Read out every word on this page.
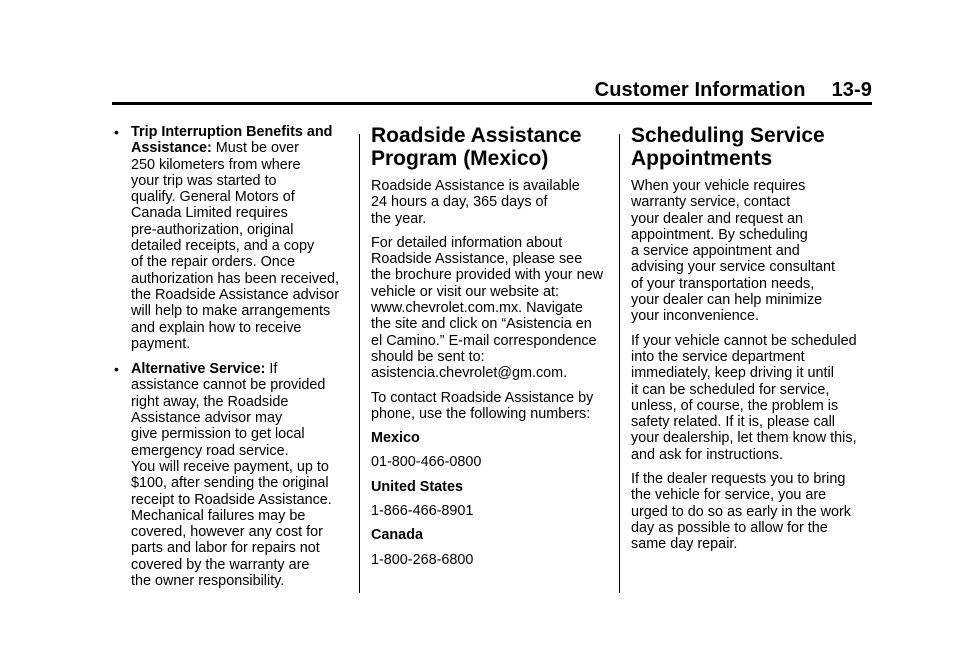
Customer Information 13-9
• Trip Interruption Benefits and Assistance: Must be over
250 kilometers from where
your trip was started to
qualify. General Motors of
Canada Limited requires
pre-authorization, original
detailed receipts, and a copy
of the repair orders. Once
authorization has been received,
the Roadside Assistance advisor
will help to make arrangements
and explain how to receive
payment.
• Alternative Service: If
assistance cannot be provided
right away, the Roadside
Assistance advisor may
give permission to get local
emergency road service.
You will receive payment, up to
$100, after sending the original
receipt to Roadside Assistance.
Mechanical failures may be
covered, however any cost for
parts and labor for repairs not
covered by the warranty are
the owner responsibility.
Roadside Assistance
Program (Mexico)
Roadside Assistance is available
24 hours a day, 365 days of
the year.
For detailed information about
Roadside Assistance, please see
the brochure provided with your new
vehicle or visit our website at:
www.chevrolet.com.mx. Navigate
the site and click on “Asistencia en
el Camino.” E-mail correspondence
should be sent to:
asistencia.chevrolet@gm.com.
To contact Roadside Assistance by
phone, use the following numbers:
Mexico
01-800-466-0800
United States
1-866-466-8901
Canada
1-800-268-6800
Scheduling Service
Appointments
When your vehicle requires
warranty service, contact
your dealer and request an
appointment. By scheduling
a service appointment and
advising your service consultant
of your transportation needs,
your dealer can help minimize
your inconvenience.
If your vehicle cannot be scheduled
into the service department
immediately, keep driving it until
it can be scheduled for service,
unless, of course, the problem is
safety related. If it is, please call
your dealership, let them know this,
and ask for instructions.
If the dealer requests you to bring
the vehicle for service, you are
urged to do so as early in the work
day as possible to allow for the
same day repair.
